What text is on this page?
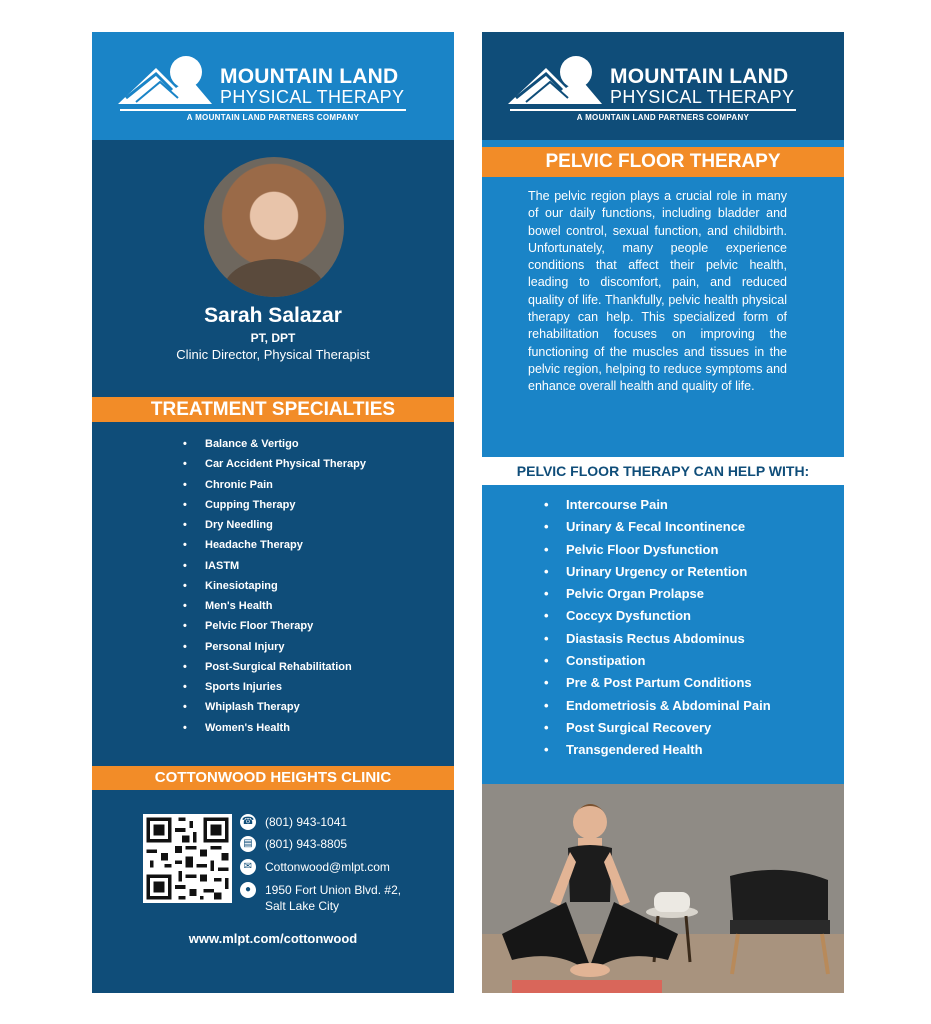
MOUNTAIN LAND
PHYSICAL THERAPY
A MOUNTAIN LAND PARTNERS COMPANY
Sarah Salazar
PT, DPT
Clinic Director, Physical Therapist
TREATMENT SPECIALTIES
• Balance & Vertigo
• Car Accident Physical Therapy
• Chronic Pain
• Cupping Therapy
• Dry Needling
• Headache Therapy
• IASTM
• Kinesiotaping
• Men's Health
• Pelvic Floor Therapy
• Personal Injury
• Post-Surgical Rehabilitation
• Sports Injuries
• Whiplash Therapy
• Women's Health
COTTONWOOD HEIGHTS CLINIC
☎ (801) 943-1041
▤ (801) 943-8805
✉	Cottonwood@mlpt.com
●	1950 Fort Union Blvd. #2,
Salt Lake City
www.mlpt.com/cottonwood
MOUNTAIN LAND
PHYSICAL THERAPY
A MOUNTAIN LAND PARTNERS COMPANY
PELVIC FLOOR THERAPY
The pelvic region plays a crucial role in many of our daily functions, including bladder and bowel control, sexual function, and childbirth. Unfortunately, many people experience conditions that affect their pelvic health, leading to discomfort, pain, and reduced quality of life. Thankfully, pelvic health physical therapy can help. This specialized form of rehabilitation focuses on improving the functioning of the muscles and tissues in the pelvic region, helping to reduce symptoms and enhance overall health and quality of life.
PELVIC FLOOR THERAPY CAN HELP WITH:
• Intercourse Pain
• Urinary & Fecal Incontinence
• Pelvic Floor Dysfunction
• Urinary Urgency or Retention
• Pelvic Organ Prolapse
• Coccyx Dysfunction
• Diastasis Rectus Abdominus
• Constipation
• Pre & Post Partum Conditions
• Endometriosis & Abdominal Pain
• Post Surgical Recovery
• Transgendered Health
